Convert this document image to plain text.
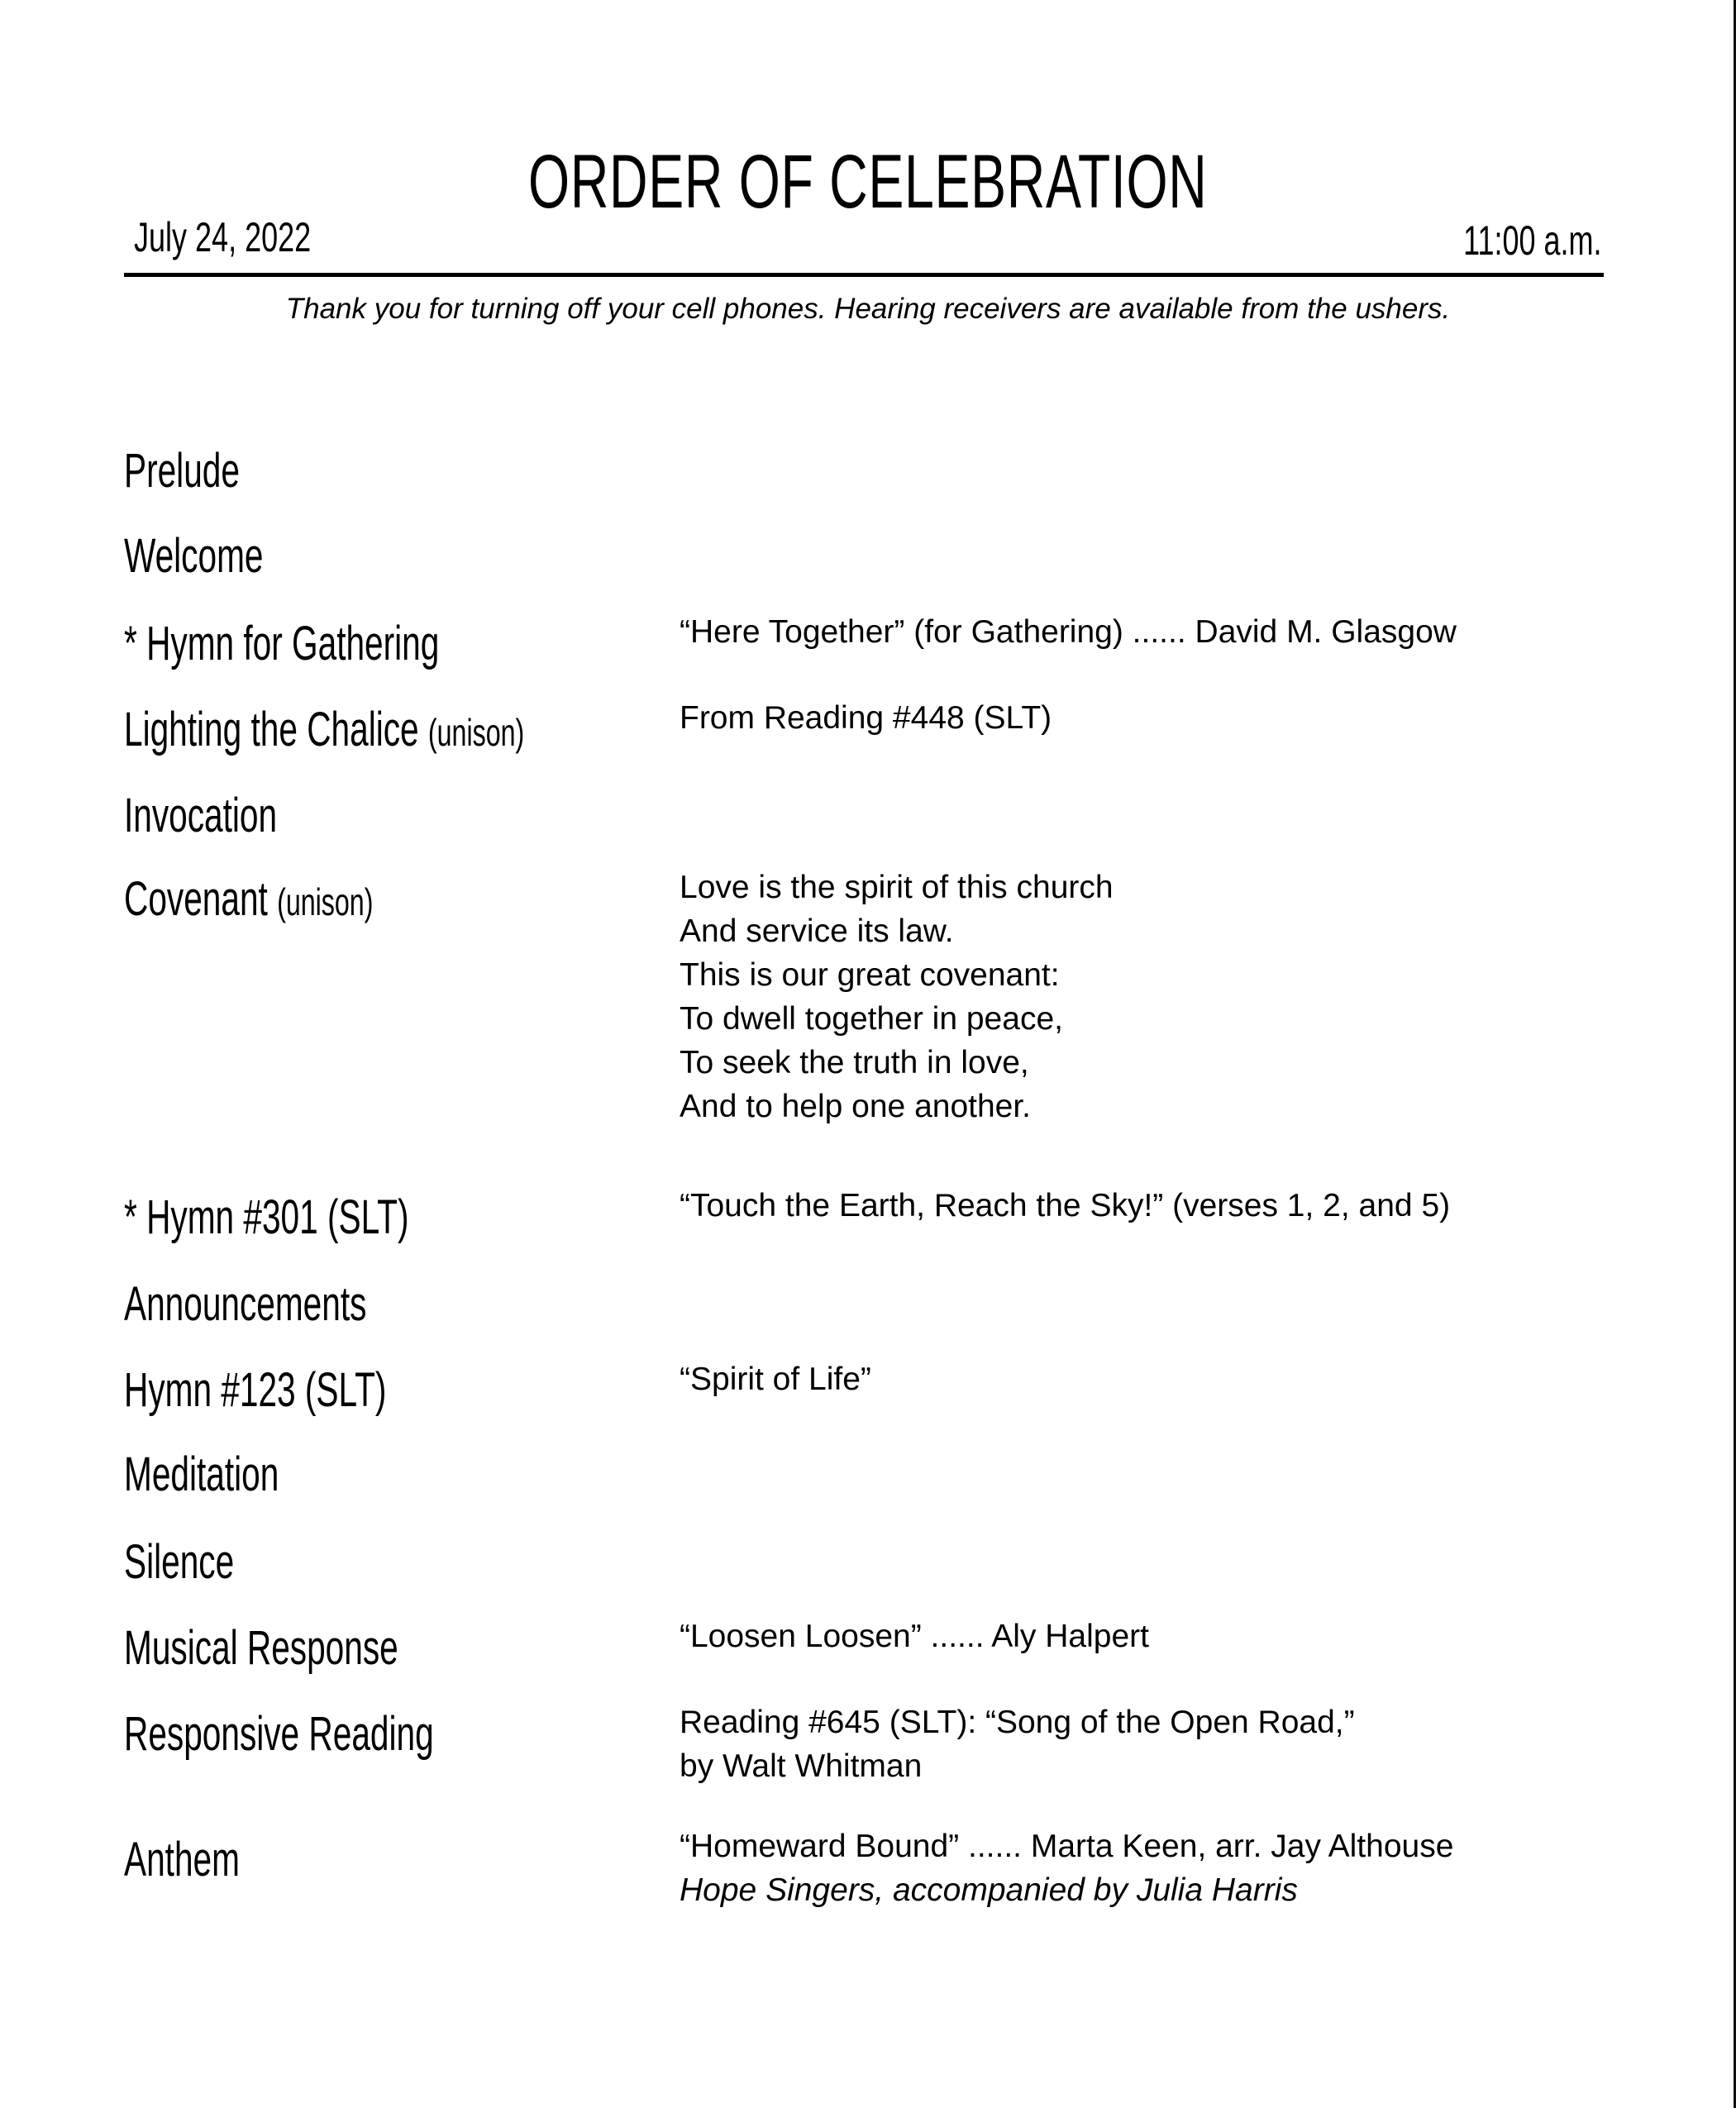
ORDER OF CELEBRATION
July 24, 2022	11:00 a.m.
Thank you for turning off your cell phones. Hearing receivers are available from the ushers.
Prelude
Welcome
* Hymn for Gathering
Lighting the Chalice (unison)
Invocation
Covenant (unison)
* Hymn #301 (SLT)
Announcements
Hymn #123 (SLT)
Meditation
Silence
Musical Response
Responsive Reading
Anthem
“Here Together” (for Gathering) ...... David M. Glasgow
From Reading #448 (SLT)
Love is the spirit of this church
And service its law.
This is our great covenant:
To dwell together in peace,
To seek the truth in love,
And to help one another.
“Touch the Earth, Reach the Sky!” (verses 1, 2, and 5)
“Spirit of Life”
“Loosen Loosen” ...... Aly Halpert
Reading #645 (SLT): “Song of the Open Road,”
by Walt Whitman
“Homeward Bound” ...... Marta Keen, arr. Jay Althouse
Hope Singers, accompanied by Julia Harris
